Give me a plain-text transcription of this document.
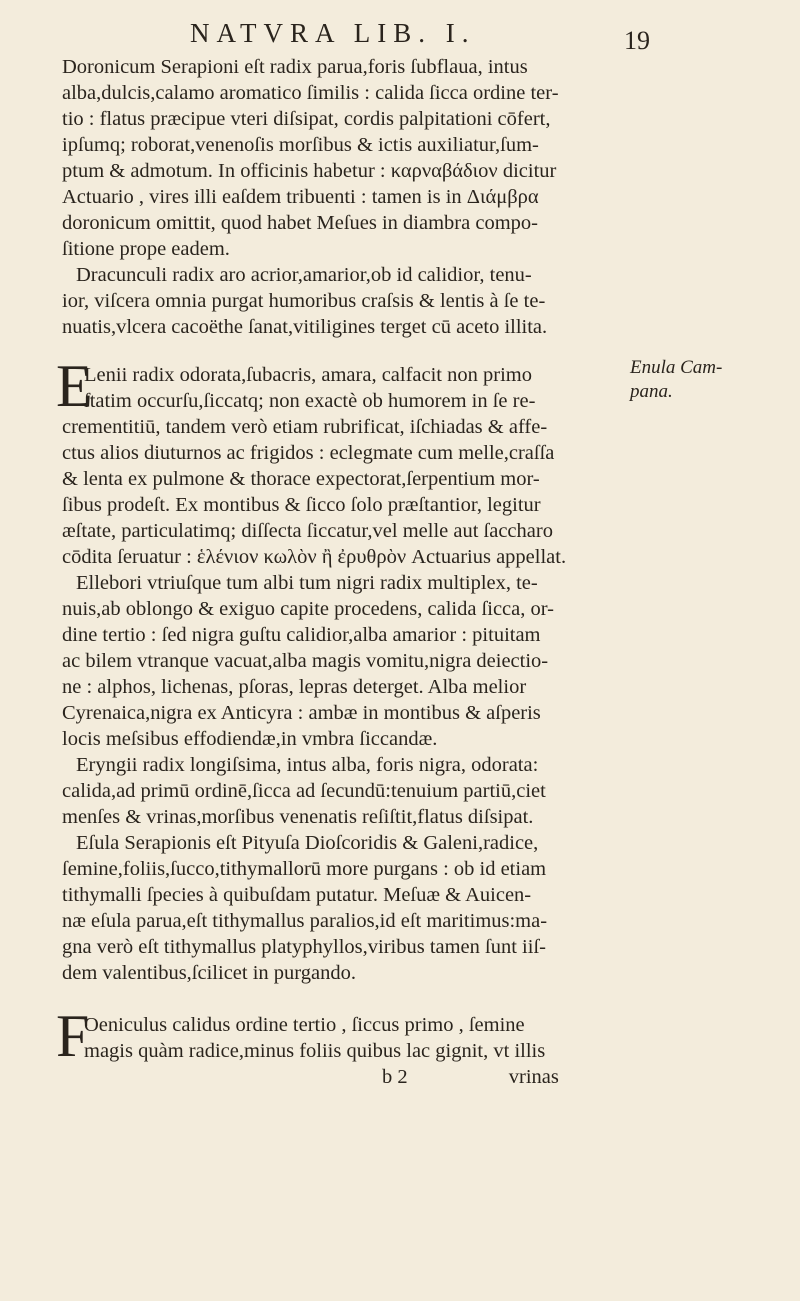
NATVRA LIB. I.	19
Enula Cam-
pana.

Doronicum Serapioni eſt radix parua,foris ſubflaua, intus
alba,dulcis,calamo aromatico ſimilis : calida ſicca ordine ter-
tio : flatus præcipue vteri diſsipat, cordis palpitationi cōfert,
ipſumq; roborat,venenoſis morſibus & ictis auxiliatur,ſum-
ptum & admotum. In officinis habetur : καρναβάδιον dicitur
Actuario , vires illi eaſdem tribuenti : tamen is in Διάμβρα
doronicum omittit, quod habet Meſues in diambra compo-
ſitione prope eadem.

Dracunculi radix aro acrior,amarior,ob id calidior, tenu-
ior, viſcera omnia purgat humoribus craſsis & lentis à ſe te-
nuatis,vlcera cacoëthe ſanat,vitiligines terget cū aceto illita.

E
Lenii radix odorata,ſubacris, amara, calfacit non primo
ſtatim occurſu,ſiccatq; non exactè ob humorem in ſe re-
crementitiū, tandem verò etiam rubrificat, iſchiadas & affe-
ctus alios diuturnos ac frigidos : eclegmate cum melle,craſſa
& lenta ex pulmone & thorace expectorat,ſerpentium mor-
ſibus prodeſt. Ex montibus & ſicco ſolo præſtantior, legitur
æſtate, particulatimq; diſſecta ſiccatur,vel melle aut ſaccharo
cōdita ſeruatur : ἑλένιον κωλὸν ἢ ἐρυθρὸν Actuarius appellat.

Ellebori vtriuſque tum albi tum nigri radix multiplex, te-
nuis,ab oblongo & exiguo capite procedens, calida ſicca, or-
dine tertio : ſed nigra guſtu calidior,alba amarior : pituitam
ac bilem vtranque vacuat,alba magis vomitu,nigra deiectio-
ne : alphos, lichenas, pſoras, lepras deterget. Alba melior
Cyrenaica,nigra ex Anticyra : ambæ in montibus & aſperis
locis meſsibus effodiendæ,in vmbra ſiccandæ.

Eryngii radix longiſsima, intus alba, foris nigra, odorata:
calida,ad primū ordinē,ſicca ad ſecundū:tenuium partiū,ciet
menſes & vrinas,morſibus venenatis reſiſtit,flatus diſsipat.

Eſula Serapionis eſt Pityuſa Dioſcoridis & Galeni,radice,
ſemine,foliis,ſucco,tithymallorū more purgans : ob id etiam
tithymalli ſpecies à quibuſdam putatur. Meſuæ & Auicen-
næ eſula parua,eſt tithymallus paralios,id eſt maritimus:ma-
gna verò eſt tithymallus platyphyllos,viribus tamen ſunt iiſ-
dem valentibus,ſcilicet in purgando.

F
Oeniculus calidus ordine tertio , ſiccus primo , ſemine
magis quàm radice,minus foliis quibus lac gignit, vt illis

b 2	vrinas
